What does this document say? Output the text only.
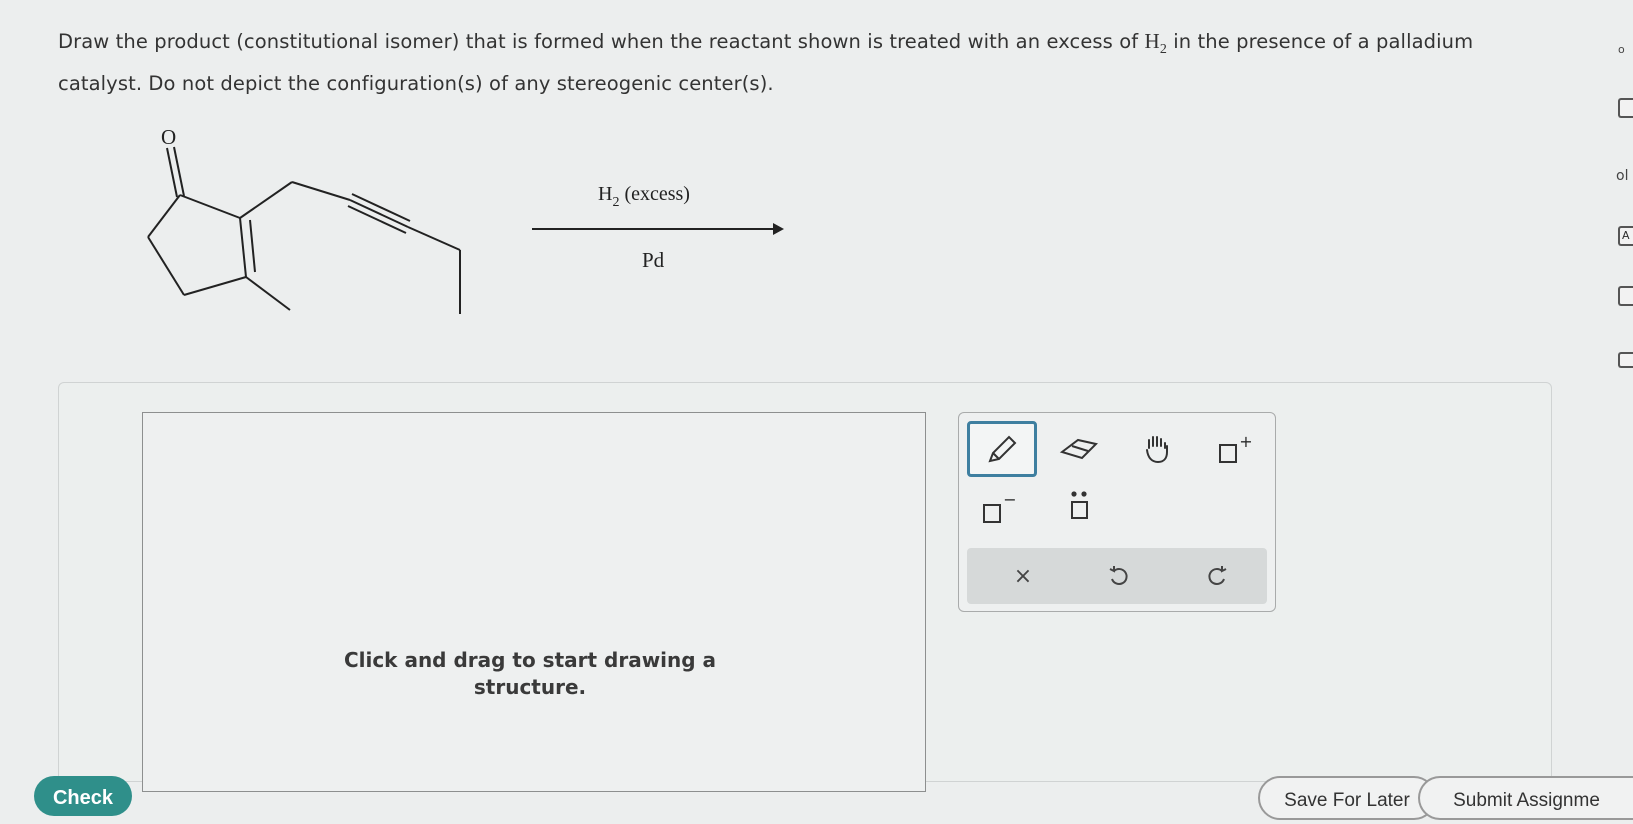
Draw the product (constitutional isomer) that is formed when the reactant shown is treated with an excess of $H_2$ in the presence of a palladium catalyst. Do not depict the configuration(s) of any stereogenic center(s).
o
ol
A
O
$H_2$ (excess)
Pd
Click and drag to start drawing a structure.
+
−
×
Check	Save For Later	Submit Assignme
